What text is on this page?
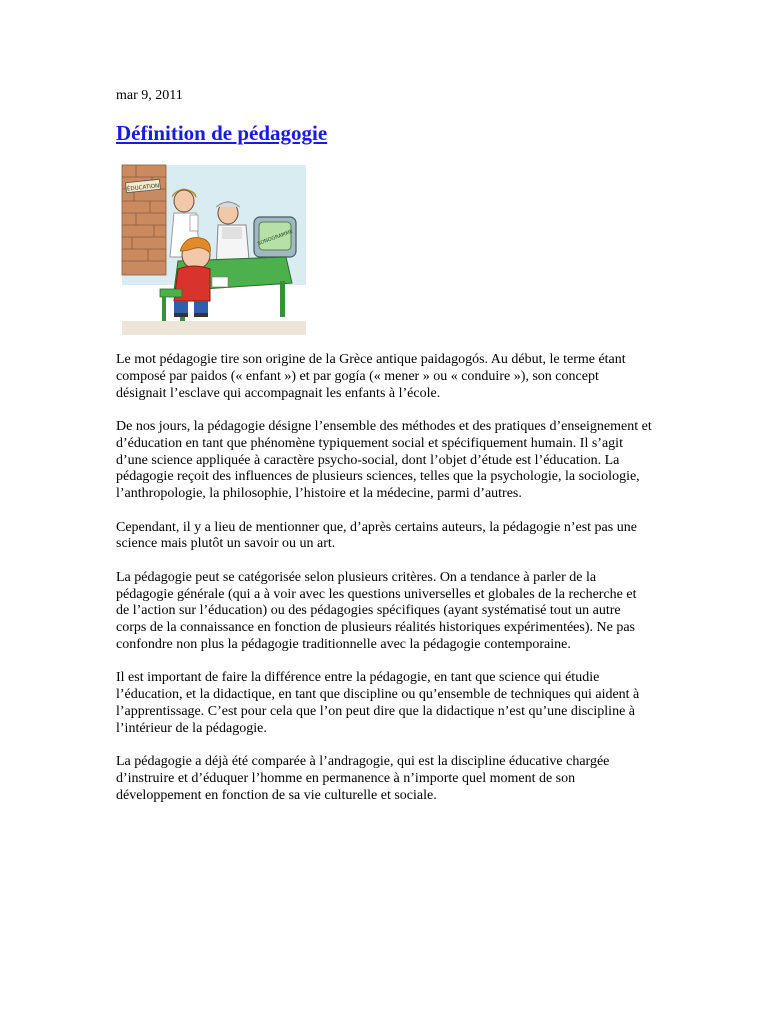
mar 9, 2011

Définition de pédagogie
ÉDUCATION
SONOGRAMME

Le mot pédagogie tire son origine de la Grèce antique paidagogós. Au début, le terme étant composé par paidos (« enfant ») et par gogía (« mener » ou « conduire »), son concept désignait l’esclave qui accompagnait les enfants à l’école.

De nos jours, la pédagogie désigne l’ensemble des méthodes et des pratiques d’enseignement et d’éducation en tant que phénomène typiquement social et spécifiquement humain. Il s’agit d’une science appliquée à caractère psycho-social, dont l’objet d’étude est l’éducation. La pédagogie reçoit des influences de plusieurs sciences, telles que la psychologie, la sociologie, l’anthropologie, la philosophie, l’histoire et la médecine, parmi d’autres.

Cependant, il y a lieu de mentionner que, d’après certains auteurs, la pédagogie n’est pas une science mais plutôt un savoir ou un art.

La pédagogie peut se catégorisée selon plusieurs critères. On a tendance à parler de la pédagogie générale (qui a à voir avec les questions universelles et globales de la recherche et de l’action sur l’éducation) ou des pédagogies spécifiques (ayant systématisé tout un autre corps de la connaissance en fonction de plusieurs réalités historiques expérimentées). Ne pas confondre non plus la pédagogie traditionnelle avec la pédagogie contemporaine.

Il est important de faire la différence entre la pédagogie, en tant que science qui étudie l’éducation, et la didactique, en tant que discipline ou qu’ensemble de techniques qui aident à l’apprentissage. C’est pour cela que l’on peut dire que la didactique n’est qu’une discipline à l’intérieur de la pédagogie.

La pédagogie a déjà été comparée à l’andragogie, qui est la discipline éducative chargée d’instruire et d’éduquer l’homme en permanence à n’importe quel moment de son développement en fonction de sa vie culturelle et sociale.
